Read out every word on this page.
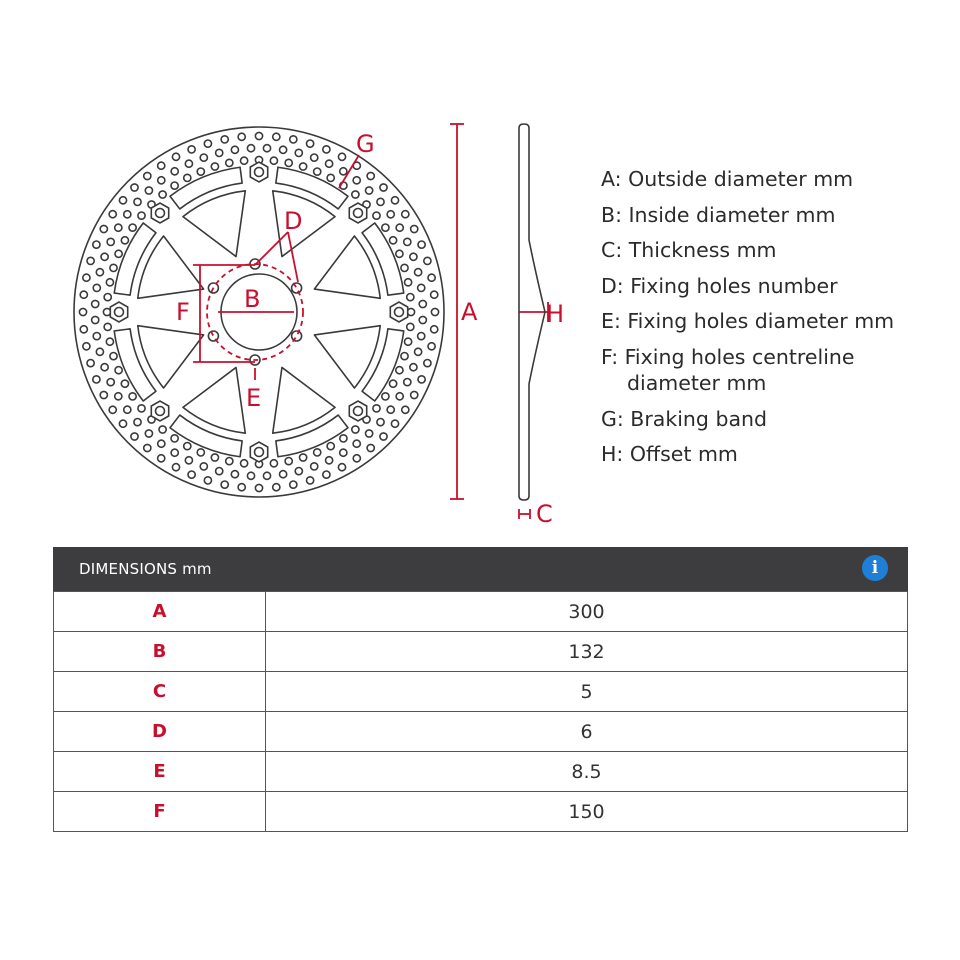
D
B
F
E
G
A	H
C
A: Outside diameter mm
B: Inside diameter mm
C: Thickness mm
D: Fixing holes number
E: Fixing holes diameter mm
F: Fixing holes centreline
diameter mm
G: Braking band
H: Offset mm
DIMENSIONS mm	i
A	300
B	132
C	5
D	6
E	8.5
F	150
